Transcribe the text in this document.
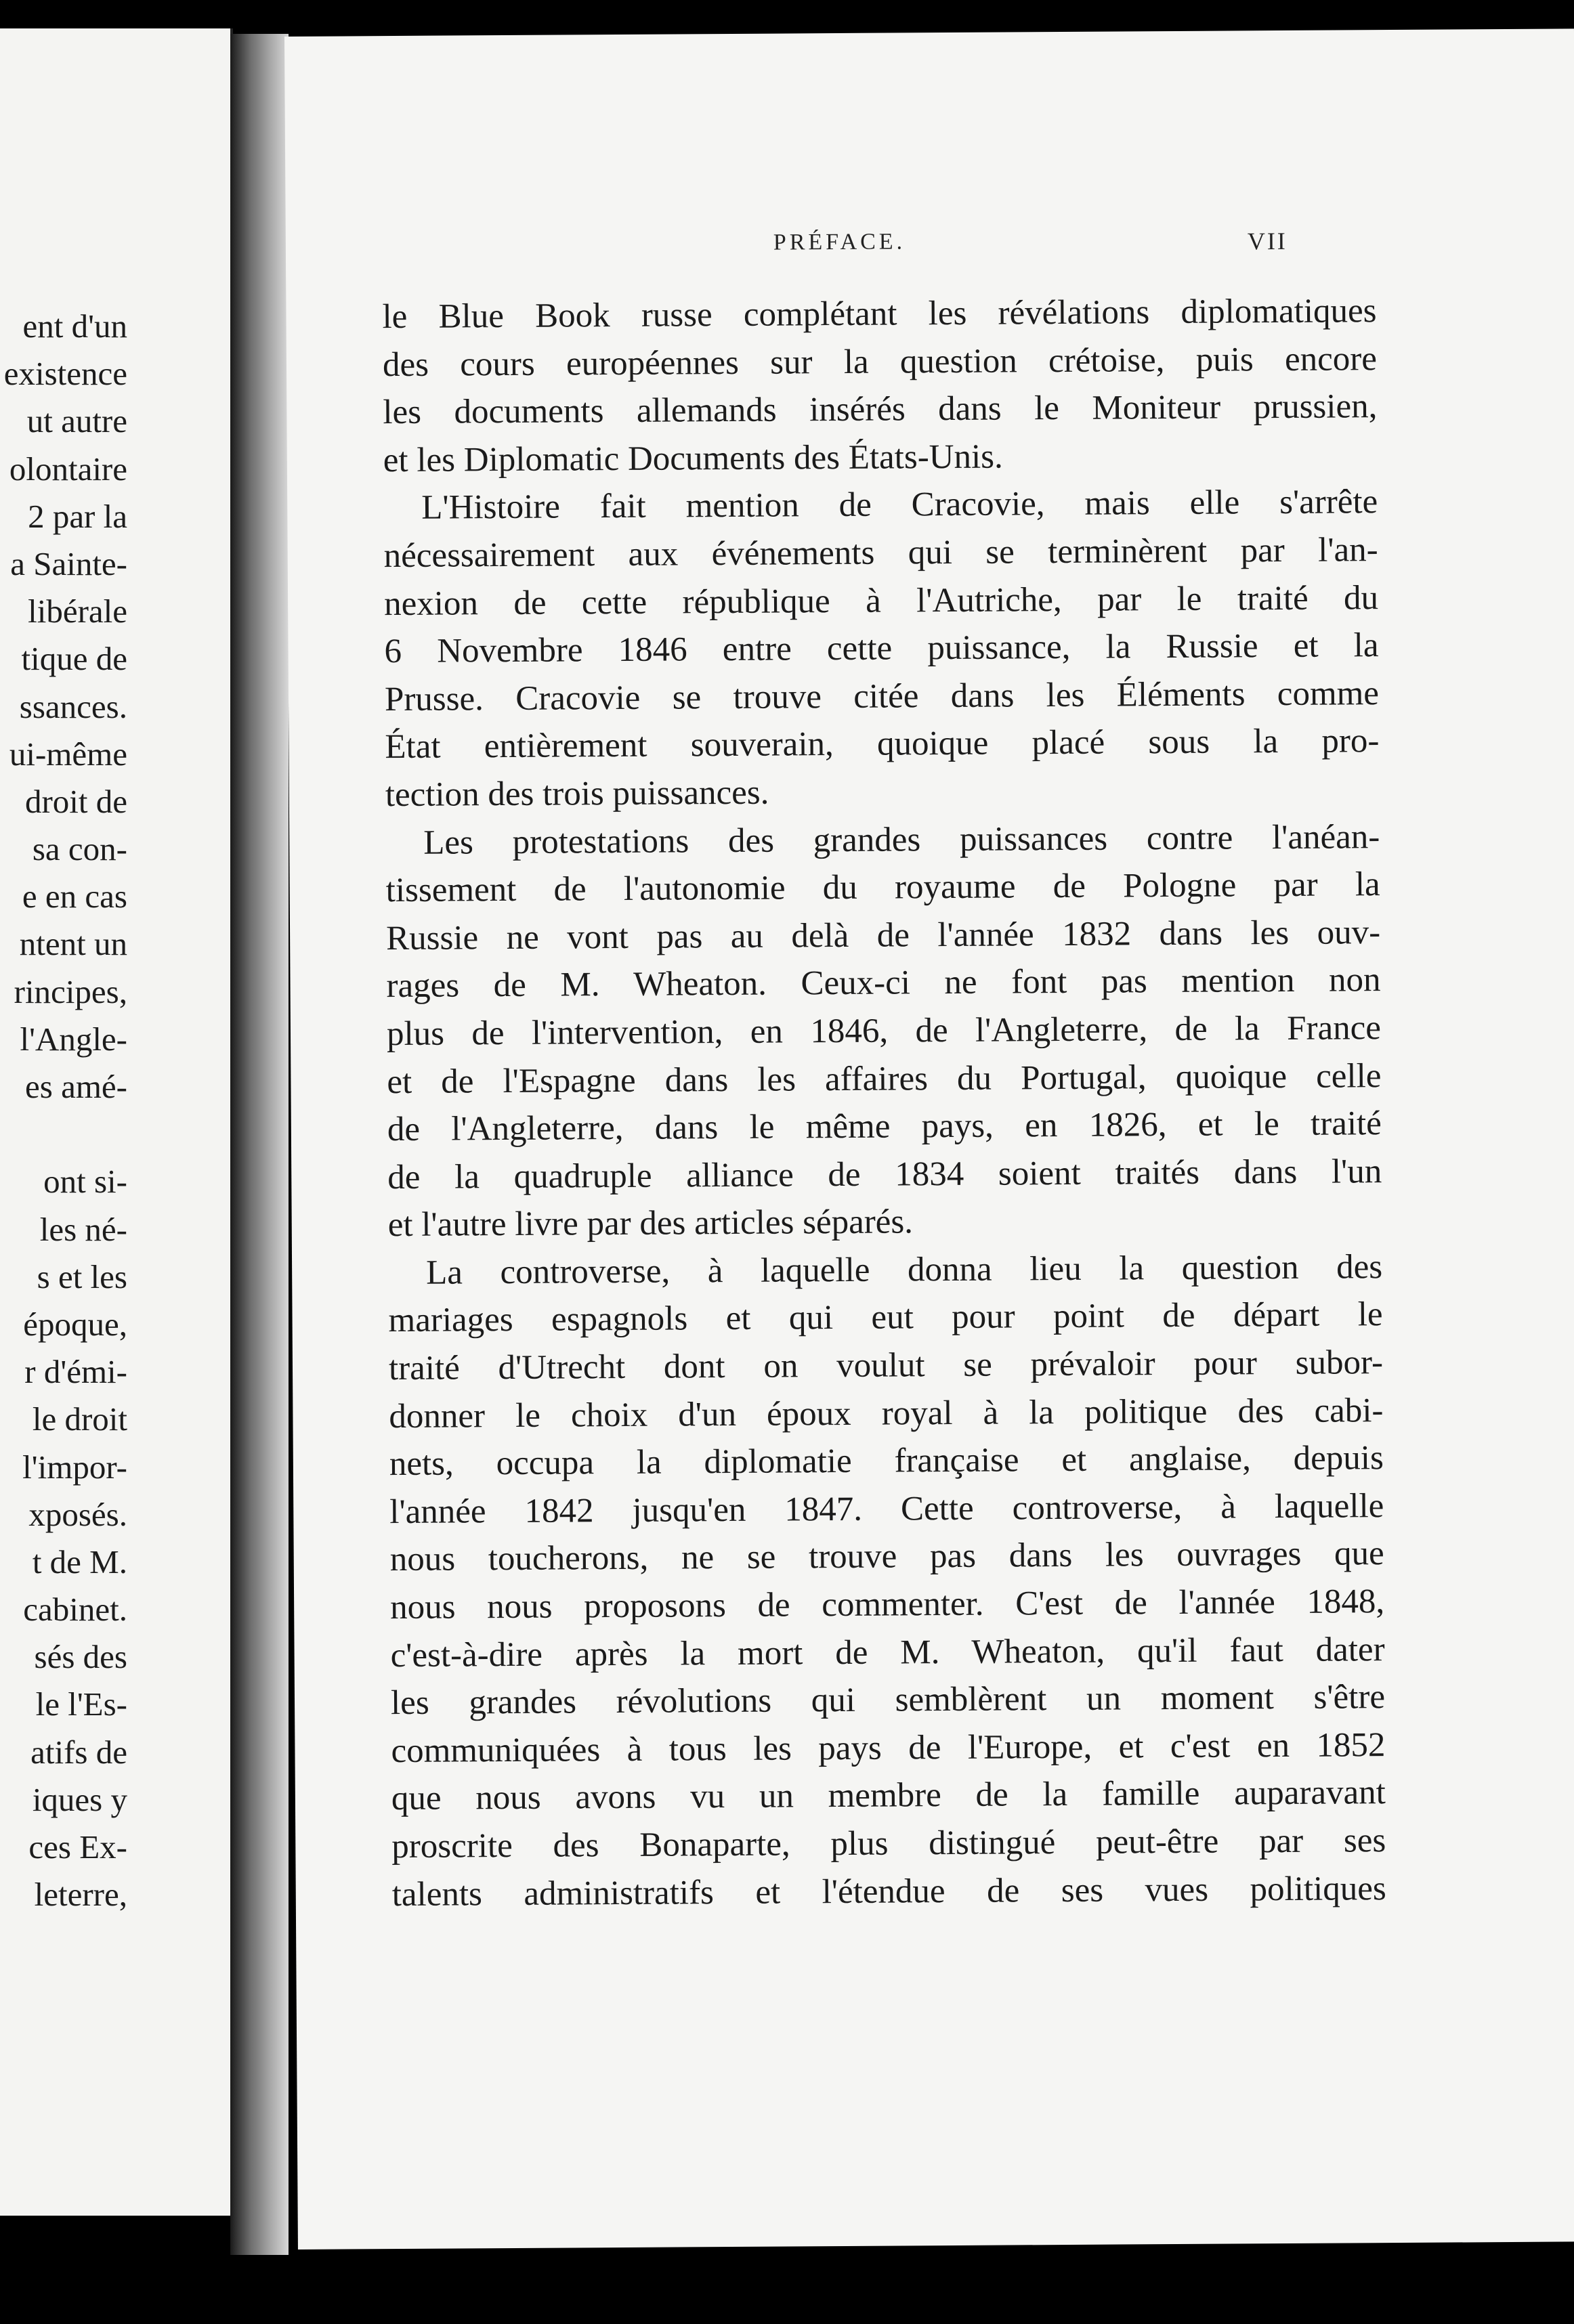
ent d'un
existence
ut autre
olontaire
2 par la
a Sainte-
libérale
tique de
ssances.
ui-même
droit de
sa con-
e en cas
ntent un
rincipes,
l'Angle-
es amé-
ont si-
les né-
s et les
époque,
r d'émi-
le droit
l'impor-
xposés.
t de M.
cabinet.
sés des
le l'Es-
atifs de
iques y
ces Ex-
leterre,
PRÉFACE.	VII
le Blue Book russe complétant les révélations diplomatiques
des cours européennes sur la question crétoise, puis encore
les documents allemands insérés dans le Moniteur prussien,
et les Diplomatic Documents des États-Unis.
L'Histoire fait mention de Cracovie, mais elle s'arrête
nécessairement aux événements qui se terminèrent par l'an-
nexion de cette république à l'Autriche, par le traité du
6 Novembre 1846 entre cette puissance, la Russie et la
Prusse. Cracovie se trouve citée dans les Éléments comme
État entièrement souverain, quoique placé sous la pro-
tection des trois puissances.
Les protestations des grandes puissances contre l'anéan-
tissement de l'autonomie du royaume de Pologne par la
Russie ne vont pas au delà de l'année 1832 dans les ouv-
rages de M. Wheaton. Ceux-ci ne font pas mention non
plus de l'intervention, en 1846, de l'Angleterre, de la France
et de l'Espagne dans les affaires du Portugal, quoique celle
de l'Angleterre, dans le même pays, en 1826, et le traité
de la quadruple alliance de 1834 soient traités dans l'un
et l'autre livre par des articles séparés.
La controverse, à laquelle donna lieu la question des
mariages espagnols et qui eut pour point de départ le
traité d'Utrecht dont on voulut se prévaloir pour subor-
donner le choix d'un époux royal à la politique des cabi-
nets, occupa la diplomatie française et anglaise, depuis
l'année 1842 jusqu'en 1847. Cette controverse, à laquelle
nous toucherons, ne se trouve pas dans les ouvrages que
nous nous proposons de commenter. C'est de l'année 1848,
c'est-à-dire après la mort de M. Wheaton, qu'il faut dater
les grandes révolutions qui semblèrent un moment s'être
communiquées à tous les pays de l'Europe, et c'est en 1852
que nous avons vu un membre de la famille auparavant
proscrite des Bonaparte, plus distingué peut-être par ses
talents administratifs et l'étendue de ses vues politiques
